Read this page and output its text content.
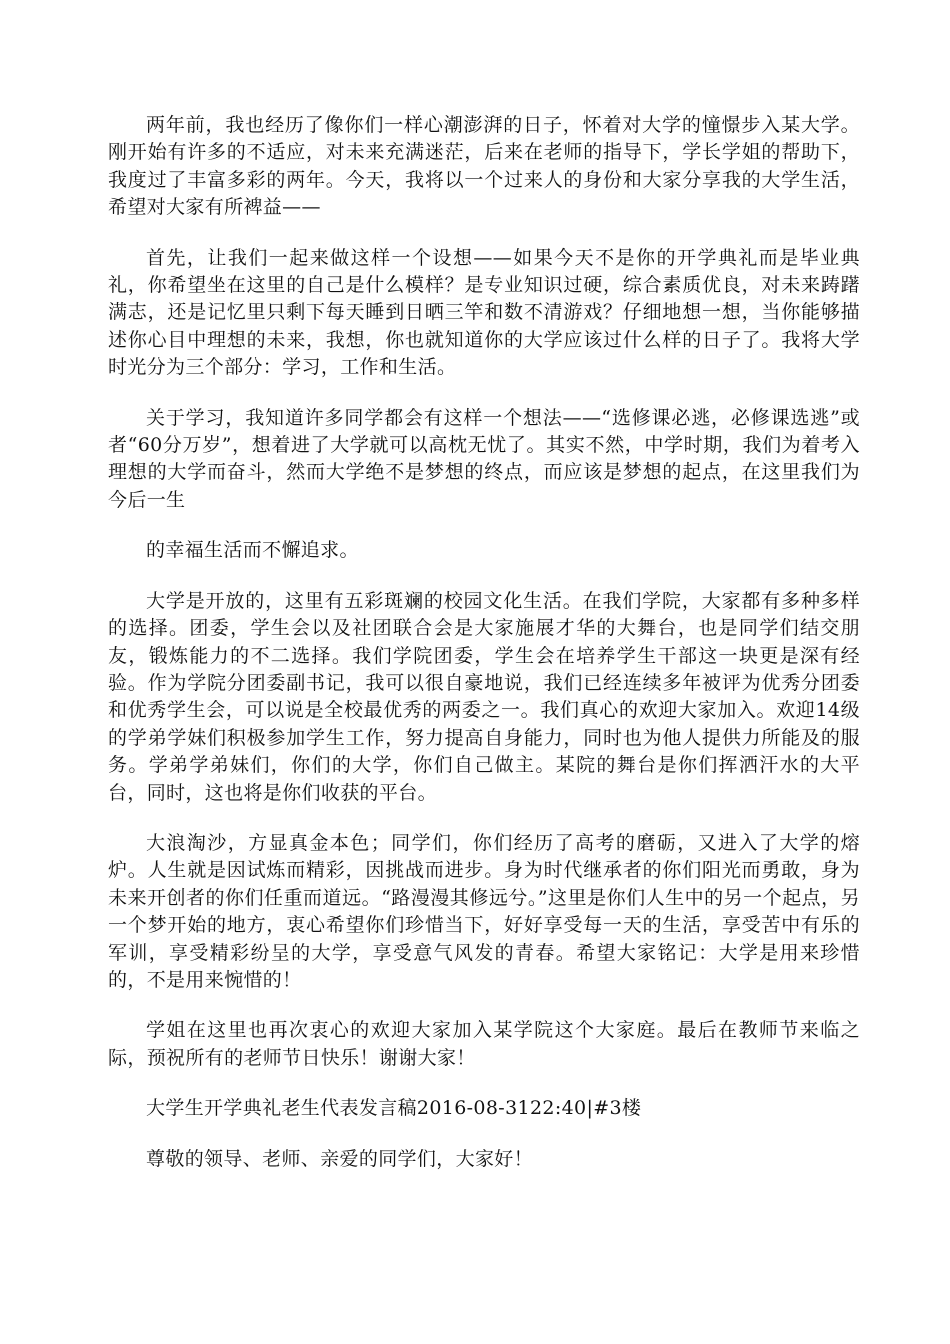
两年前，我也经历了像你们一样心潮澎湃的日子，怀着对大学的憧憬步入某大学。刚开始有许多的不适应，对未来充满迷茫，后来在老师的指导下，学长学姐的帮助下，我度过了丰富多彩的两年。今天，我将以一个过来人的身份和大家分享我的大学生活，希望对大家有所裨益——

首先，让我们一起来做这样一个设想——如果今天不是你的开学典礼而是毕业典礼，你希望坐在这里的自己是什么模样？是专业知识过硬，综合素质优良，对未来踌躇满志，还是记忆里只剩下每天睡到日晒三竿和数不清游戏？仔细地想一想，当你能够描述你心目中理想的未来，我想，你也就知道你的大学应该过什么样的日子了。我将大学时光分为三个部分：学习，工作和生活。

关于学习，我知道许多同学都会有这样一个想法——“选修课必逃，必修课选逃”或者“60分万岁”，想着进了大学就可以高枕无忧了。其实不然，中学时期，我们为着考入理想的大学而奋斗，然而大学绝不是梦想的终点，而应该是梦想的起点，在这里我们为今后一生

的幸福生活而不懈追求。

大学是开放的，这里有五彩斑斓的校园文化生活。在我们学院，大家都有多种多样的选择。团委，学生会以及社团联合会是大家施展才华的大舞台，也是同学们结交朋友，锻炼能力的不二选择。我们学院团委，学生会在培养学生干部这一块更是深有经验。作为学院分团委副书记，我可以很自豪地说，我们已经连续多年被评为优秀分团委和优秀学生会，可以说是全校最优秀的两委之一。我们真心的欢迎大家加入。欢迎14级的学弟学妹们积极参加学生工作，努力提高自身能力，同时也为他人提供力所能及的服务。学弟学弟妹们，你们的大学，你们自己做主。某院的舞台是你们挥洒汗水的大平台，同时，这也将是你们收获的平台。

大浪淘沙，方显真金本色；同学们，你们经历了高考的磨砺，又进入了大学的熔炉。人生就是因试炼而精彩，因挑战而进步。身为时代继承者的你们阳光而勇敢，身为未来开创者的你们任重而道远。“路漫漫其修远兮。”这里是你们人生中的另一个起点，另一个梦开始的地方，衷心希望你们珍惜当下，好好享受每一天的生活，享受苦中有乐的军训，享受精彩纷呈的大学，享受意气风发的青春。希望大家铭记：大学是用来珍惜的，不是用来惋惜的！

学姐在这里也再次衷心的欢迎大家加入某学院这个大家庭。最后在教师节来临之际，预祝所有的老师节日快乐！谢谢大家！

大学生开学典礼老生代表发言稿2016-08-3122:40|#3楼

尊敬的领导、老师、亲爱的同学们，大家好！
